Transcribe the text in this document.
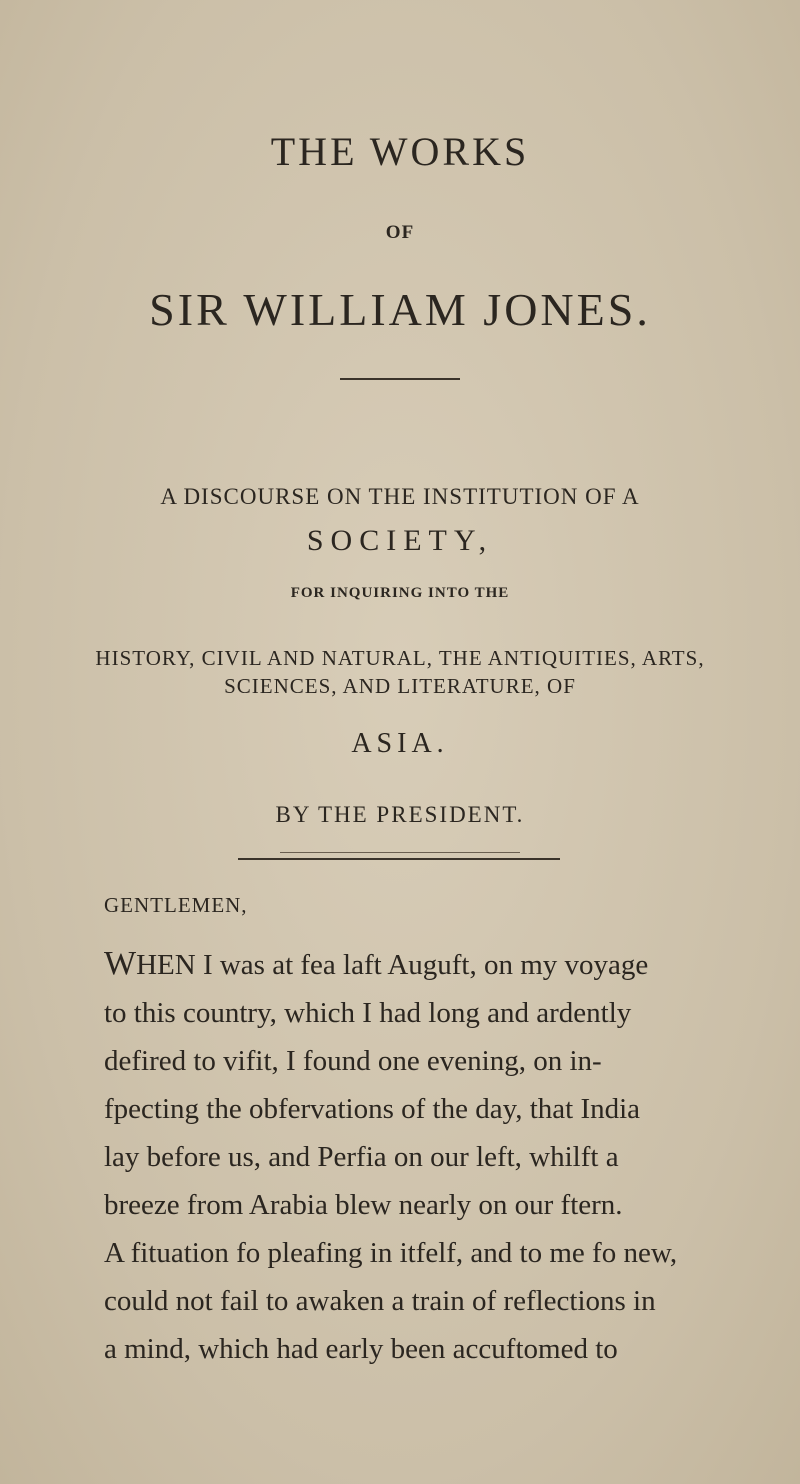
THE WORKS
OF
SIR WILLIAM JONES.
A DISCOURSE ON THE INSTITUTION OF A
SOCIETY,
FOR INQUIRING INTO THE
HISTORY, CIVIL AND NATURAL, THE ANTIQUITIES, ARTS,
SCIENCES, AND LITERATURE, OF
ASIA.
BY THE PRESIDENT.
GENTLEMEN,
WHEN I was at fea laft Auguft, on my voyage
to this country, which I had long and ardently
defired to vifit, I found one evening, on in-
fpecting the obfervations of the day, that India
lay before us, and Perfia on our left, whilft a
breeze from Arabia blew nearly on our ftern.
A fituation fo pleafing in itfelf, and to me fo new,
could not fail to awaken a train of reflections in
a mind, which had early been accuftomed to
